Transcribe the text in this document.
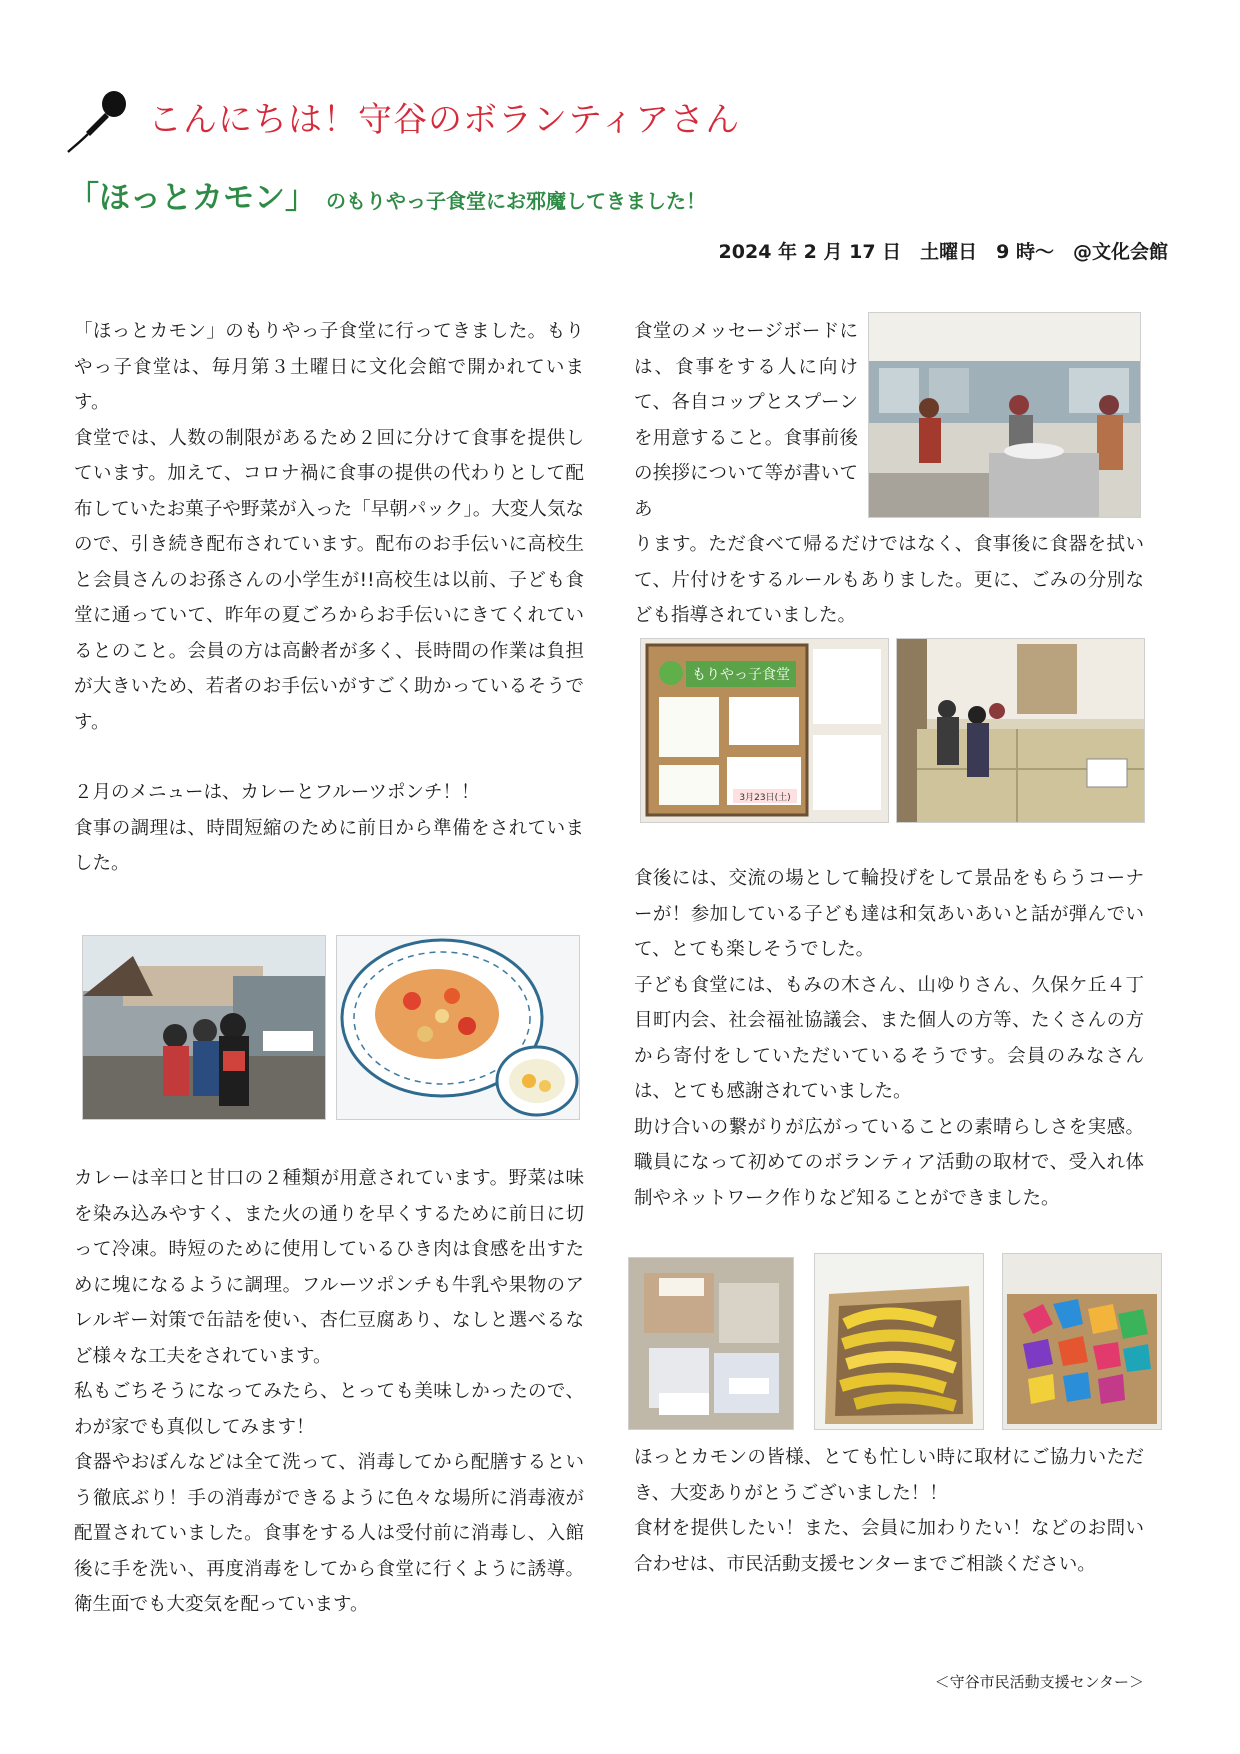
こんにちは！守谷のボランティアさん
「ほっとカモン」 のもりやっ子食堂にお邪魔してきました！
2024 年 2 月 17 日　土曜日　9 時～　@文化会館

「ほっとカモン」のもりやっ子食堂に行ってきました。もりやっ子食堂は、毎月第３土曜日に文化会館で開かれています。

食堂では、人数の制限があるため２回に分けて食事を提供しています。加えて、コロナ禍に食事の提供の代わりとして配布していたお菓子や野菜が入った「早朝パック」。大変人気なので、引き続き配布されています。配布のお手伝いに高校生と会員さんのお孫さんの小学生が!!高校生は以前、子ども食堂に通っていて、昨年の夏ごろからお手伝いにきてくれているとのこと。会員の方は高齢者が多く、長時間の作業は負担が大きいため、若者のお手伝いがすごく助かっているそうです。

２月のメニューは、カレーとフルーツポンチ！！

食事の調理は、時間短縮のために前日から準備をされていました。

カレーは辛口と甘口の２種類が用意されています。野菜は味を染み込みやすく、また火の通りを早くするために前日に切って冷凍。時短のために使用しているひき肉は食感を出すために塊になるように調理。フルーツポンチも牛乳や果物のアレルギー対策で缶詰を使い、杏仁豆腐あり、なしと選べるなど様々な工夫をされています。

私もごちそうになってみたら、とっても美味しかったので、わが家でも真似してみます！

食器やおぼんなどは全て洗って、消毒してから配膳するという徹底ぶり！手の消毒ができるように色々な場所に消毒液が配置されていました。食事をする人は受付前に消毒し、入館後に手を洗い、再度消毒をしてから食堂に行くように誘導。衛生面でも大変気を配っています。

食堂のメッセージボードには、食事をする人に向けて、各自コップとスプーンを用意すること。食事前後の挨拶について等が書いてあ

ります。ただ食べて帰るだけではなく、食事後に食器を拭いて、片付けをするルールもありました。更に、ごみの分別なども指導されていました。

もりやっ子食堂
3月23日(土)

食後には、交流の場として輪投げをして景品をもらうコーナーが！参加している子ども達は和気あいあいと話が弾んでいて、とても楽しそうでした。

子ども食堂には、もみの木さん、山ゆりさん、久保ケ丘４丁目町内会、社会福祉協議会、また個人の方等、たくさんの方から寄付をしていただいているそうです。会員のみなさんは、とても感謝されていました。

助け合いの繋がりが広がっていることの素晴らしさを実感。職員になって初めてのボランティア活動の取材で、受入れ体制やネットワーク作りなど知ることができました。

ほっとカモンの皆様、とても忙しい時に取材にご協力いただき、大変ありがとうございました！！

食材を提供したい！また、会員に加わりたい！などのお問い合わせは、市民活動支援センターまでご相談ください。

＜守谷市民活動支援センター＞
